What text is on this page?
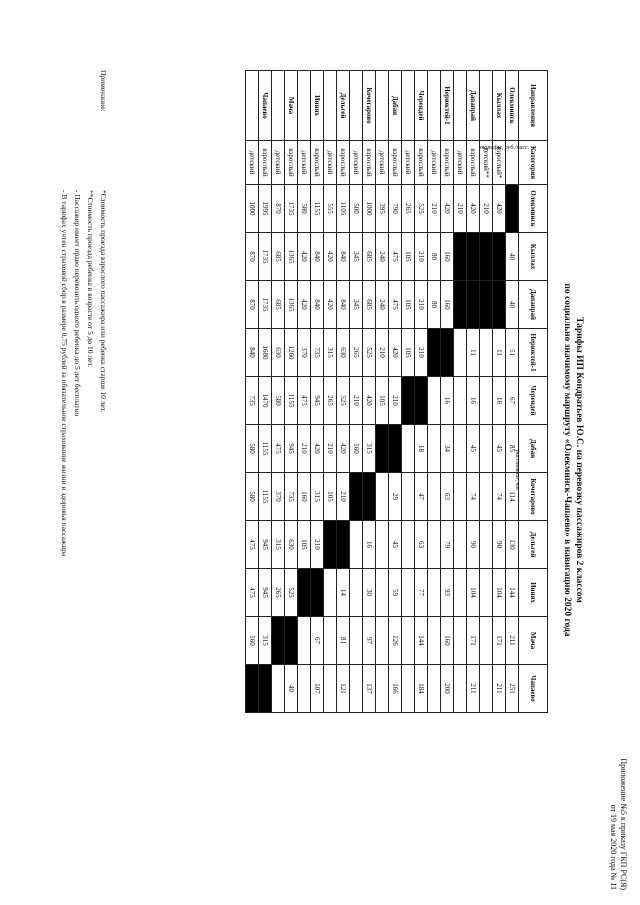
Приложение №5 к приказу ГКП РС(Я)
от 19 мая 2020 года № 11
Тарифы ИП Кондратьев Ю.С. на перевозку пассажиров 2 классом
по социально значимому маршруту «Олекминск-Чапаево» в навигацию 2020 года
расстояние, км
Направления	Категория	Олекминск	Кыллах	Дапапрай	Нерюктей-1	Черендей	Дабан	Кочегарово	Дельгей	Иннях	Мача	Чапаево
Олекминск			40	40	51	67	85	114	130	144	211	251
Кыллах	взрослый*	420			11	16	45	74	90	104	171	211
	детский**	210										
Дапапрай	взрослый	420			11	16	45	74	90	104	171	211
	детский	210										
Нерюктей-1	взрослый	420	160	160		16	34	63	79	93	160	200
	детский	210	80	80								
Черендей	взрослый	525	210	210	210		18	47	63	77	144	184
	детский	265	105	105	105							
Дабан	взрослый	790	475	475	420	210		29	45	59	126	166
	детский	395	240	240	210	105						
Кочегарово	взрослый	1000	685	685	525	420	315		16	30	97	137
	детский	500	345	345	265	210	160					
Дельгей	взрослый	1105	840	840	630	525	420	210		14	81	121
	детский	555	420	420	315	265	210	105				
Иннях	взрослый	1155	840	840	735	945	420	315	210		67	107
	детский	580	420	420	370	475	210	160	105			
Мача	взрослый	1735	1365	1365	1260	1155	945	735	630	525		40
	детский	870	685	685	630	580	475	370	315	265		
Чапаево	взрослый	1995	1735	1735	1680	1470	1155	1155	945	945	315	
	детский	1000	870	870	840	735	580	580	475	475	160	
тарифы, руб./пасс.
Примечание:
*Стоимость проезда взрослого пассажира или ребенка старше 10 лет.
**Стоимость проезда ребенка в возрасте от 5 до 10 лет.
- Пассажир имеет право перевозить одного ребенка до 5 лет бесплатно
- В тарифах учтен страховой сбор в размере 0,75 рублей за обязательное страхование жизни и здоровья пассажира
